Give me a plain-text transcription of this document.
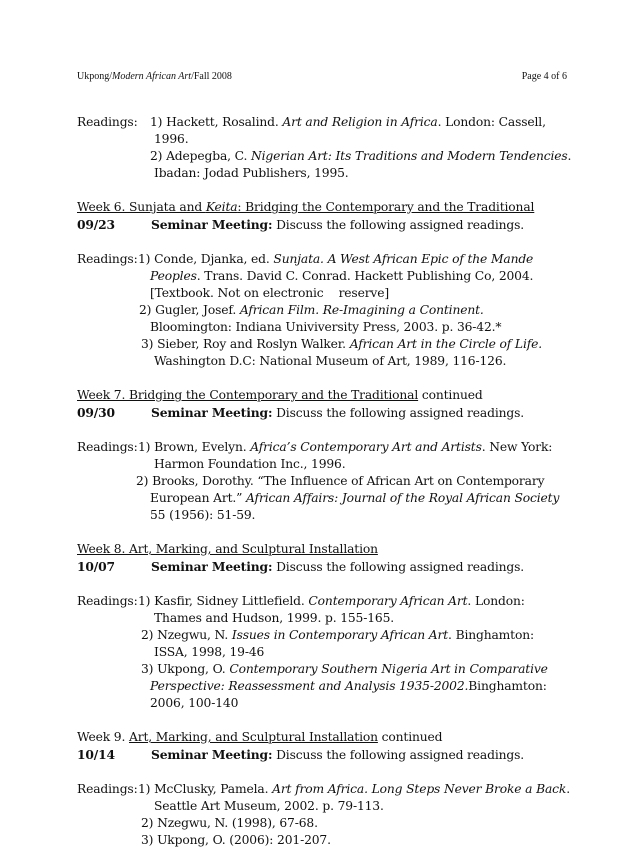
Ukpong/Modern African Art/Fall 2008	Page 4 of 6
Readings: 1) Hackett, Rosalind. Art and Religion in Africa. London: Cassell,
1996.
2) Adepegba, C. Nigerian Art: Its Traditions and Modern Tendencies.
Ibadan: Jodad Publishers, 1995.
Week 6. Sunjata and Keita: Bridging the Contemporary and the Traditional
09/23	Seminar Meeting: Discuss the following assigned readings.
Readings:1) Conde, Djanka, ed. Sunjata. A West African Epic of the Mande
Peoples. Trans. David C. Conrad. Hackett Publishing Co, 2004.
[Textbook. Not on electronic    reserve]
2) Gugler, Josef. African Film. Re-Imagining a Continent.
Bloomington: Indiana Univiversity Press, 2003. p. 36-42.*
3) Sieber, Roy and Roslyn Walker. African Art in the Circle of Life.
Washington D.C: National Museum of Art, 1989, 116-126.
Week 7. Bridging the Contemporary and the Traditional continued
09/30	Seminar Meeting: Discuss the following assigned readings.
Readings:1) Brown, Evelyn. Africa’s Contemporary Art and Artists. New York:
Harmon Foundation Inc., 1996.
2) Brooks, Dorothy. “The Influence of African Art on Contemporary
European Art.” African Affairs: Journal of the Royal African Society
55 (1956): 51-59.
Week 8. Art, Marking, and Sculptural Installation
10/07	Seminar Meeting: Discuss the following assigned readings.
Readings:1) Kasfir, Sidney Littlefield. Contemporary African Art. London:
Thames and Hudson, 1999. p. 155-165.
2) Nzegwu, N. Issues in Contemporary African Art. Binghamton:
ISSA, 1998, 19-46
3) Ukpong, O. Contemporary Southern Nigeria Art in Comparative
Perspective: Reassessment and Analysis 1935-2002.Binghamton:
2006, 100-140
Week 9. Art, Marking, and Sculptural Installation continued
10/14	Seminar Meeting: Discuss the following assigned readings.
Readings:1) McClusky, Pamela. Art from Africa. Long Steps Never Broke a Back.
Seattle Art Museum, 2002. p. 79-113.
2) Nzegwu, N. (1998), 67-68.
3) Ukpong, O. (2006): 201-207.
